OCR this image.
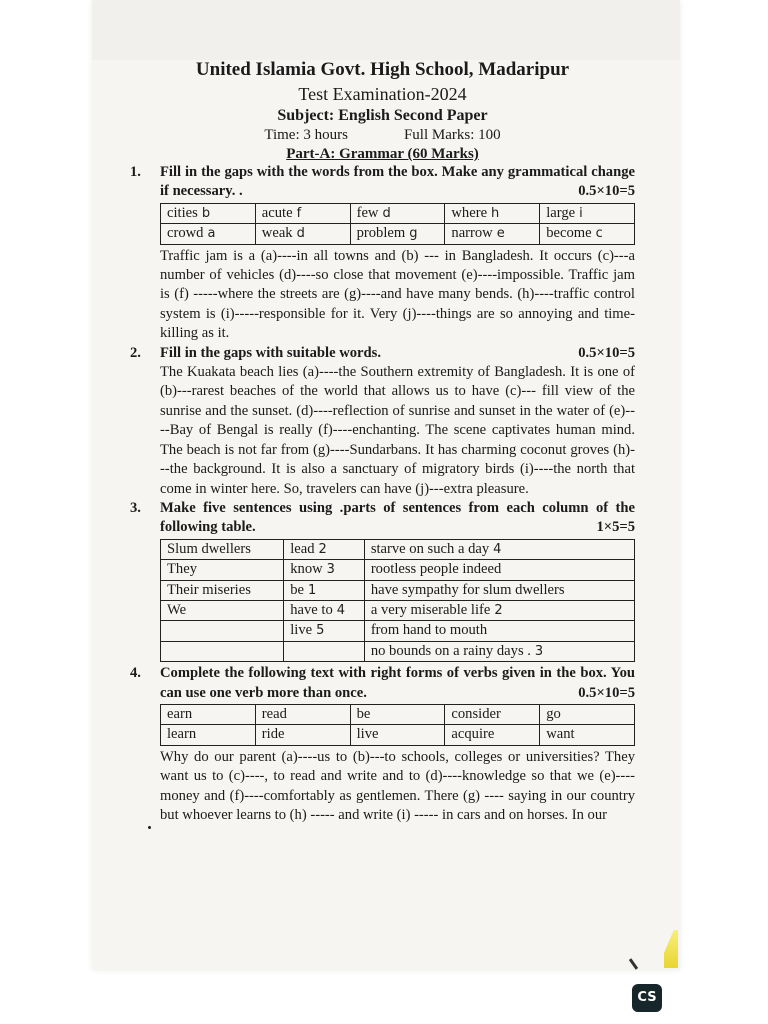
United Islamia Govt. High School, Madaripur
Test Examination-2024
Subject: English Second Paper
Time: 3 hours	Full Marks: 100
Part-A: Grammar (60 Marks)
1. Fill in the gaps with the words from the box. Make any grammatical change if necessary. .	0.5×10=5
cities b	acute f	few d	where h	large i
crowd a	weak d	problem g	narrow e	become c
Traffic jam is a (a)----in all towns and (b) --- in Bangladesh. It occurs (c)---a number of vehicles (d)----so close that movement (e)----impossible. Traffic jam is (f) -----where the streets are (g)----and have many bends. (h)----traffic control system is (i)-----responsible for it. Very (j)----things are so annoying and time-killing as it.
2. Fill in the gaps with suitable words.	0.5×10=5
The Kuakata beach lies (a)----the Southern extremity of Bangladesh. It is one of (b)---rarest beaches of the world that allows us to have (c)--- fill view of the sunrise and the sunset. (d)----reflection of sunrise and sunset in the water of (e)----Bay of Bengal is really (f)----enchanting. The scene captivates human mind. The beach is not far from (g)----Sundarbans. It has charming coconut groves (h)---the background. It is also a sanctuary of migratory birds (i)----the north that come in winter here. So, travelers can have (j)---extra pleasure.
3. Make five sentences using .parts of sentences from each column of the following table.	1×5=5
Slum dwellers	lead 2	starve on such a day 4
They	know 3	rootless people indeed
Their miseries	be 1	have sympathy for slum dwellers
We	have to 4	a very miserable life 2
	live 5	from hand to mouth
		no bounds on a rainy days . 3
4. Complete the following text with right forms of verbs given in the box. You can use one verb more than once.	0.5×10=5
earn	read	be	consider	go
learn	ride	live	acquire	want
Why do our parent (a)----us to (b)---to schools, colleges or universities? They want us to (c)----, to read and write and to (d)----knowledge so that we (e)----money and (f)----comfortably as gentlemen. There (g) ---- saying in our country but whoever learns to (h) ----- and write (i) ----- in cars and on horses. In our
CS
